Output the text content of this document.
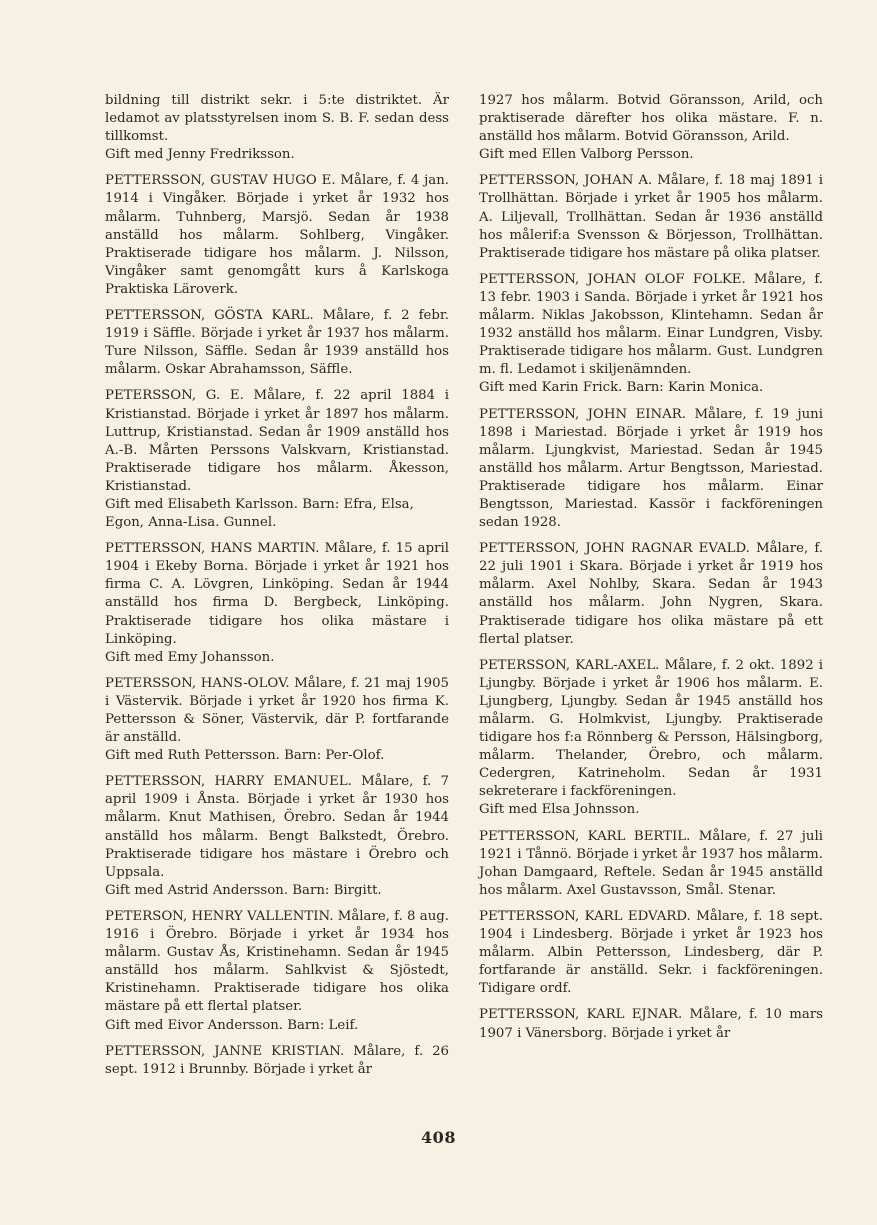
bildning till distrikt sekr. i 5:te distriktet. Är ledamot av platsstyrelsen inom S. B. F. sedan dess tillkomst.

Gift med Jenny Fredriksson.

PETTERSSON, GUSTAV HUGO E. Målare, f. 4 jan. 1914 i Vingåker. Började i yrket år 1932 hos målarm. Tuhnberg, Marsjö. Sedan år 1938 anställd hos målarm. Sohlberg, Vingåker. Praktiserade tidigare hos målarm. J. Nilsson, Vingåker samt genomgått kurs å Karlskoga Praktiska Läroverk.

PETTERSSON, GÖSTA KARL. Målare, f. 2 febr. 1919 i Säffle. Började i yrket år 1937 hos målarm. Ture Nilsson, Säffle. Sedan år 1939 anställd hos målarm. Oskar Abrahamsson, Säffle.

PETERSSON, G. E. Målare, f. 22 april 1884 i Kristianstad. Började i yrket år 1897 hos målarm. Luttrup, Kristianstad. Sedan år 1909 anställd hos A.-B. Mårten Perssons Valskvarn, Kristianstad. Praktiserade tidigare hos målarm. Åkesson, Kristianstad.

Gift med Elisabeth Karlsson. Barn: Efra, Elsa, Egon, Anna-Lisa. Gunnel.

PETTERSSON, HANS MARTIN. Målare, f. 15 april 1904 i Ekeby Borna. Började i yrket år 1921 hos firma C. A. Lövgren, Linköping. Sedan år 1944 anställd hos firma D. Bergbeck, Linköping. Praktiserade tidigare hos olika mästare i Linköping.

Gift med Emy Johansson.

PETERSSON, HANS-OLOV. Målare, f. 21 maj 1905 i Västervik. Började i yrket år 1920 hos firma K. Pettersson & Söner, Västervik, där P. fortfarande är anställd.

Gift med Ruth Pettersson. Barn: Per-Olof.

PETTERSSON, HARRY EMANUEL. Målare, f. 7 april 1909 i Ånsta. Började i yrket år 1930 hos målarm. Knut Mathisen, Örebro. Sedan år 1944 anställd hos målarm. Bengt Balkstedt, Örebro. Praktiserade tidigare hos mästare i Örebro och Uppsala.

Gift med Astrid Andersson. Barn: Birgitt.

PETERSON, HENRY VALLENTIN. Målare, f. 8 aug. 1916 i Örebro. Började i yrket år 1934 hos målarm. Gustav Ås, Kristinehamn. Sedan år 1945 anställd hos målarm. Sahlkvist & Sjöstedt, Kristinehamn. Praktiserade tidigare hos olika mästare på ett flertal platser.

Gift med Eivor Andersson. Barn: Leif.

PETTERSSON, JANNE KRISTIAN. Målare, f. 26 sept. 1912 i Brunnby. Började i yrket år

1927 hos målarm. Botvid Göransson, Arild, och praktiserade därefter hos olika mästare. F. n. anställd hos målarm. Botvid Göransson, Arild.

Gift med Ellen Valborg Persson.

PETTERSSON, JOHAN A. Målare, f. 18 maj 1891 i Trollhättan. Började i yrket år 1905 hos målarm. A. Liljevall, Trollhättan. Sedan år 1936 anställd hos målerif:a Svensson & Börjesson, Trollhättan. Praktiserade tidigare hos mästare på olika platser.

PETTERSSON, JOHAN OLOF FOLKE. Målare, f. 13 febr. 1903 i Sanda. Började i yrket år 1921 hos målarm. Niklas Jakobsson, Klintehamn. Sedan år 1932 anställd hos målarm. Einar Lundgren, Visby. Praktiserade tidigare hos målarm. Gust. Lundgren m. fl. Ledamot i skiljenämnden.

Gift med Karin Frick. Barn: Karin Monica.

PETTERSSON, JOHN EINAR. Målare, f. 19 juni 1898 i Mariestad. Började i yrket år 1919 hos målarm. Ljungkvist, Mariestad. Sedan år 1945 anställd hos målarm. Artur Bengtsson, Mariestad. Praktiserade tidigare hos målarm. Einar Bengtsson, Mariestad. Kassör i fackföreningen sedan 1928.

PETTERSSON, JOHN RAGNAR EVALD. Målare, f. 22 juli 1901 i Skara. Började i yrket år 1919 hos målarm. Axel Nohlby, Skara. Sedan år 1943 anställd hos målarm. John Nygren, Skara. Praktiserade tidigare hos olika mästare på ett flertal platser.

PETERSSON, KARL-AXEL. Målare, f. 2 okt. 1892 i Ljungby. Började i yrket år 1906 hos målarm. E. Ljungberg, Ljungby. Sedan år 1945 anställd hos målarm. G. Holmkvist, Ljungby. Praktiserade tidigare hos f:a Rönnberg & Persson, Hälsingborg, målarm. Thelander, Örebro, och målarm. Cedergren, Katrineholm. Sedan år 1931 sekreterare i fackföreningen.

Gift med Elsa Johnsson.

PETTERSSON, KARL BERTIL. Målare, f. 27 juli 1921 i Tånnö. Började i yrket år 1937 hos målarm. Johan Damgaard, Reftele. Sedan år 1945 anställd hos målarm. Axel Gustavsson, Smål. Stenar.

PETTERSSON, KARL EDVARD. Målare, f. 18 sept. 1904 i Lindesberg. Började i yrket år 1923 hos målarm. Albin Pettersson, Lindesberg, där P. fortfarande är anställd. Sekr. i fackföreningen. Tidigare ordf.

PETTERSSON, KARL EJNAR. Målare, f. 10 mars 1907 i Vänersborg. Började i yrket år

408
